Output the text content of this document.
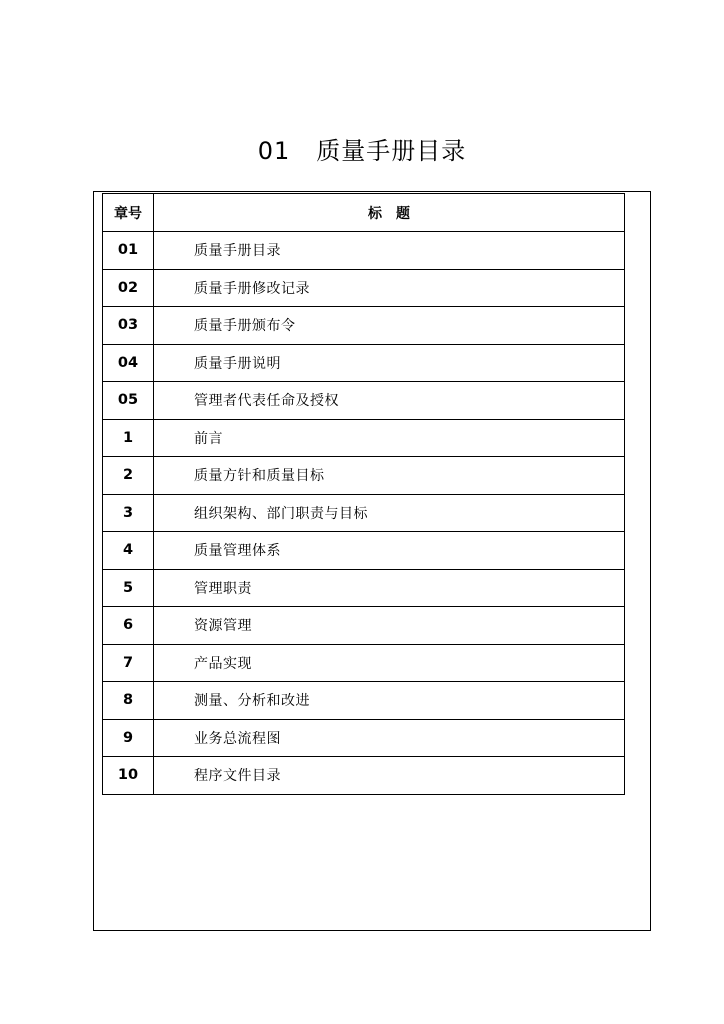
01 质量手册目录
章号	标　题
01	质量手册目录
02	质量手册修改记录
03	质量手册颁布令
04	质量手册说明
05	管理者代表任命及授权
1	前言
2	质量方针和质量目标
3	组织架构、部门职责与目标
4	质量管理体系
5	管理职责
6	资源管理
7	产品实现
8	测量、分析和改进
9	业务总流程图
10	程序文件目录
